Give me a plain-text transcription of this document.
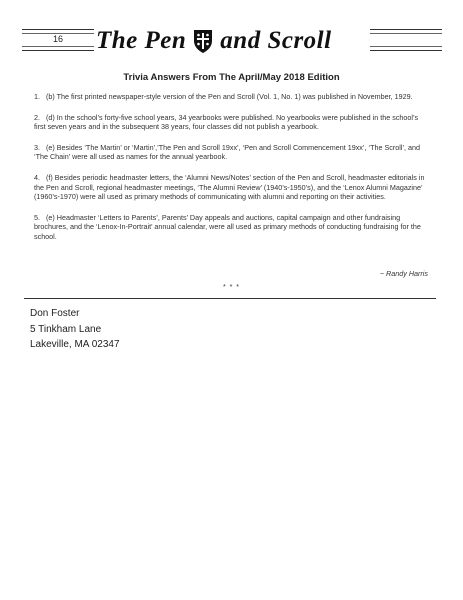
16	The Pen and Scroll
Trivia Answers From The April/May 2018 Edition

1.   (b) The first printed newspaper-style version of the Pen and Scroll (Vol. 1, No. 1) was published in November, 1929.

2.   (d) In the school’s forty-five school years, 34 yearbooks were published. No yearbooks were published in the school’s first seven years and in the subsequent 38 years, four classes did not publish a yearbook.

3.   (e) Besides ‘The Martin’ or ‘Martin’,’The Pen and Scroll 19xx’, ‘Pen and Scroll Commencement 19xx’, ‘The Scroll’, and ‘The Chain’ were all used as names for the annual yearbook.

4.   (f) Besides periodic headmaster letters, the ‘Alumni News/Notes’ section of the Pen and Scroll, headmaster editorials in the Pen and Scroll, regional headmaster meetings, ‘The Alumni Review’ (1940’s-1950’s), and the ‘Lenox Alumni Magazine’ (1960’s-1970) were all used as primary methods of communicating with alumni and reporting on their activities.

5.   (e) Headmaster ‘Letters to Parents’, Parents’ Day appeals and auctions, capital campaign and other fundraising brochures, and the ‘Lenox-In-Portrait’ annual calendar, were all used as primary methods of conducting fundraising for the school.

~ Randy Harris
* * *
Don Foster
5 Tinkham Lane
Lakeville, MA 02347
